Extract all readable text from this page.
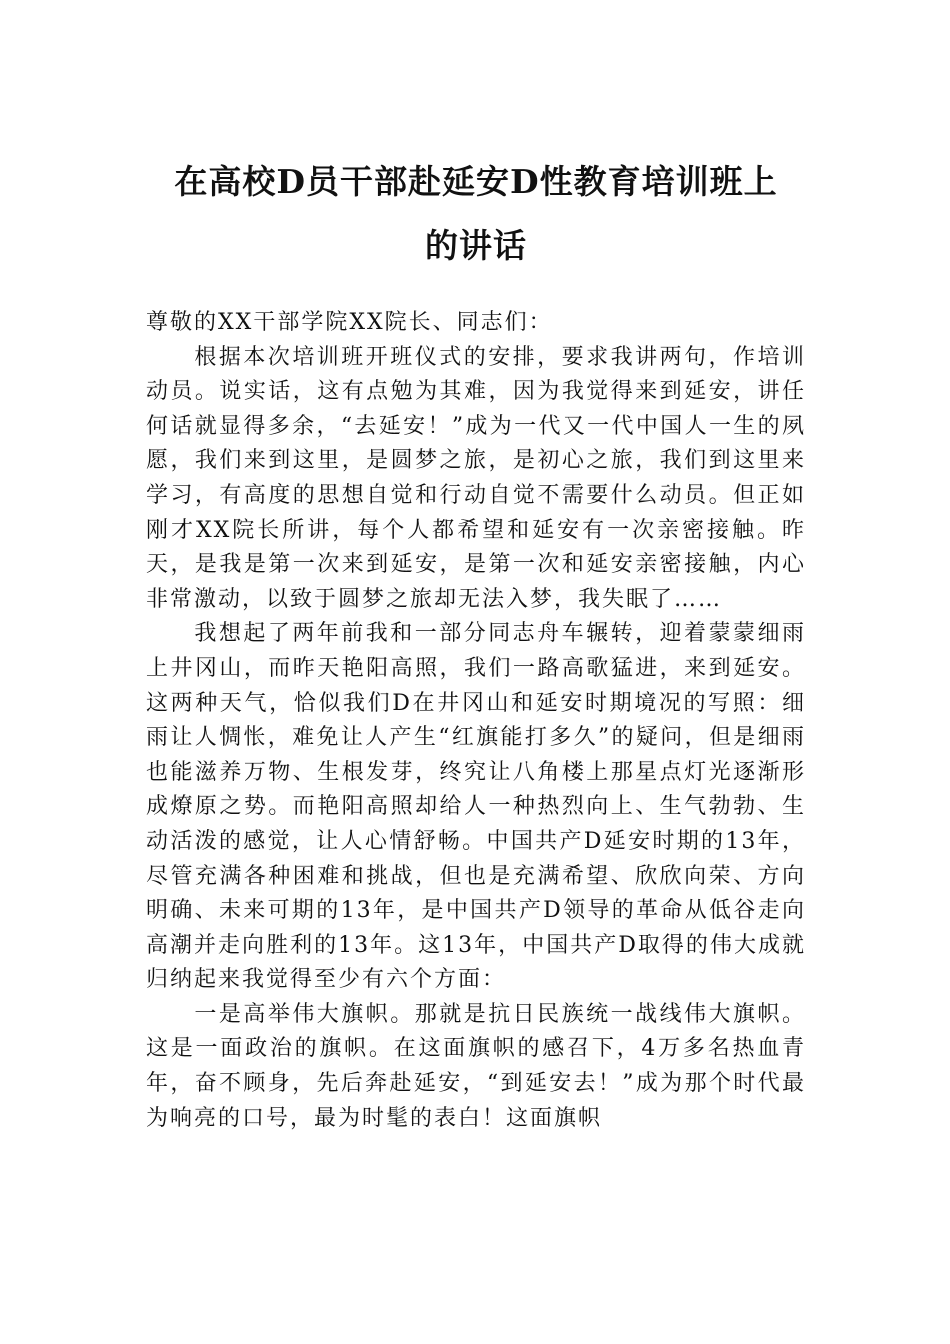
在高校D员干部赴延安D性教育培训班上
的讲话

尊敬的XX干部学院XX院长、同志们：

根据本次培训班开班仪式的安排，要求我讲两句，作培训动员。说实话，这有点勉为其难，因为我觉得来到延安，讲任何话就显得多余，“去延安！”成为一代又一代中国人一生的夙愿，我们来到这里，是圆梦之旅，是初心之旅，我们到这里来学习，有高度的思想自觉和行动自觉不需要什么动员。但正如刚才XX院长所讲，每个人都希望和延安有一次亲密接触。昨天，是我是第一次来到延安，是第一次和延安亲密接触，内心非常激动，以致于圆梦之旅却无法入梦，我失眠了……

我想起了两年前我和一部分同志舟车辗转，迎着蒙蒙细雨上井冈山，而昨天艳阳高照，我们一路高歌猛进，来到延安。这两种天气，恰似我们D在井冈山和延安时期境况的写照：细雨让人惆怅，难免让人产生“红旗能打多久”的疑问，但是细雨也能滋养万物、生根发芽，终究让八角楼上那星点灯光逐渐形成燎原之势。而艳阳高照却给人一种热烈向上、生气勃勃、生动活泼的感觉，让人心情舒畅。中国共产D延安时期的13年，尽管充满各种困难和挑战，但也是充满希望、欣欣向荣、方向明确、未来可期的13年，是中国共产D领导的革命从低谷走向高潮并走向胜利的13年。这13年，中国共产D取得的伟大成就归纳起来我觉得至少有六个方面：

一是高举伟大旗帜。那就是抗日民族统一战线伟大旗帜。这是一面政治的旗帜。在这面旗帜的感召下，4万多名热血青年，奋不顾身，先后奔赴延安，“到延安去！”成为那个时代最为响亮的口号，最为时髦的表白！这面旗帜
